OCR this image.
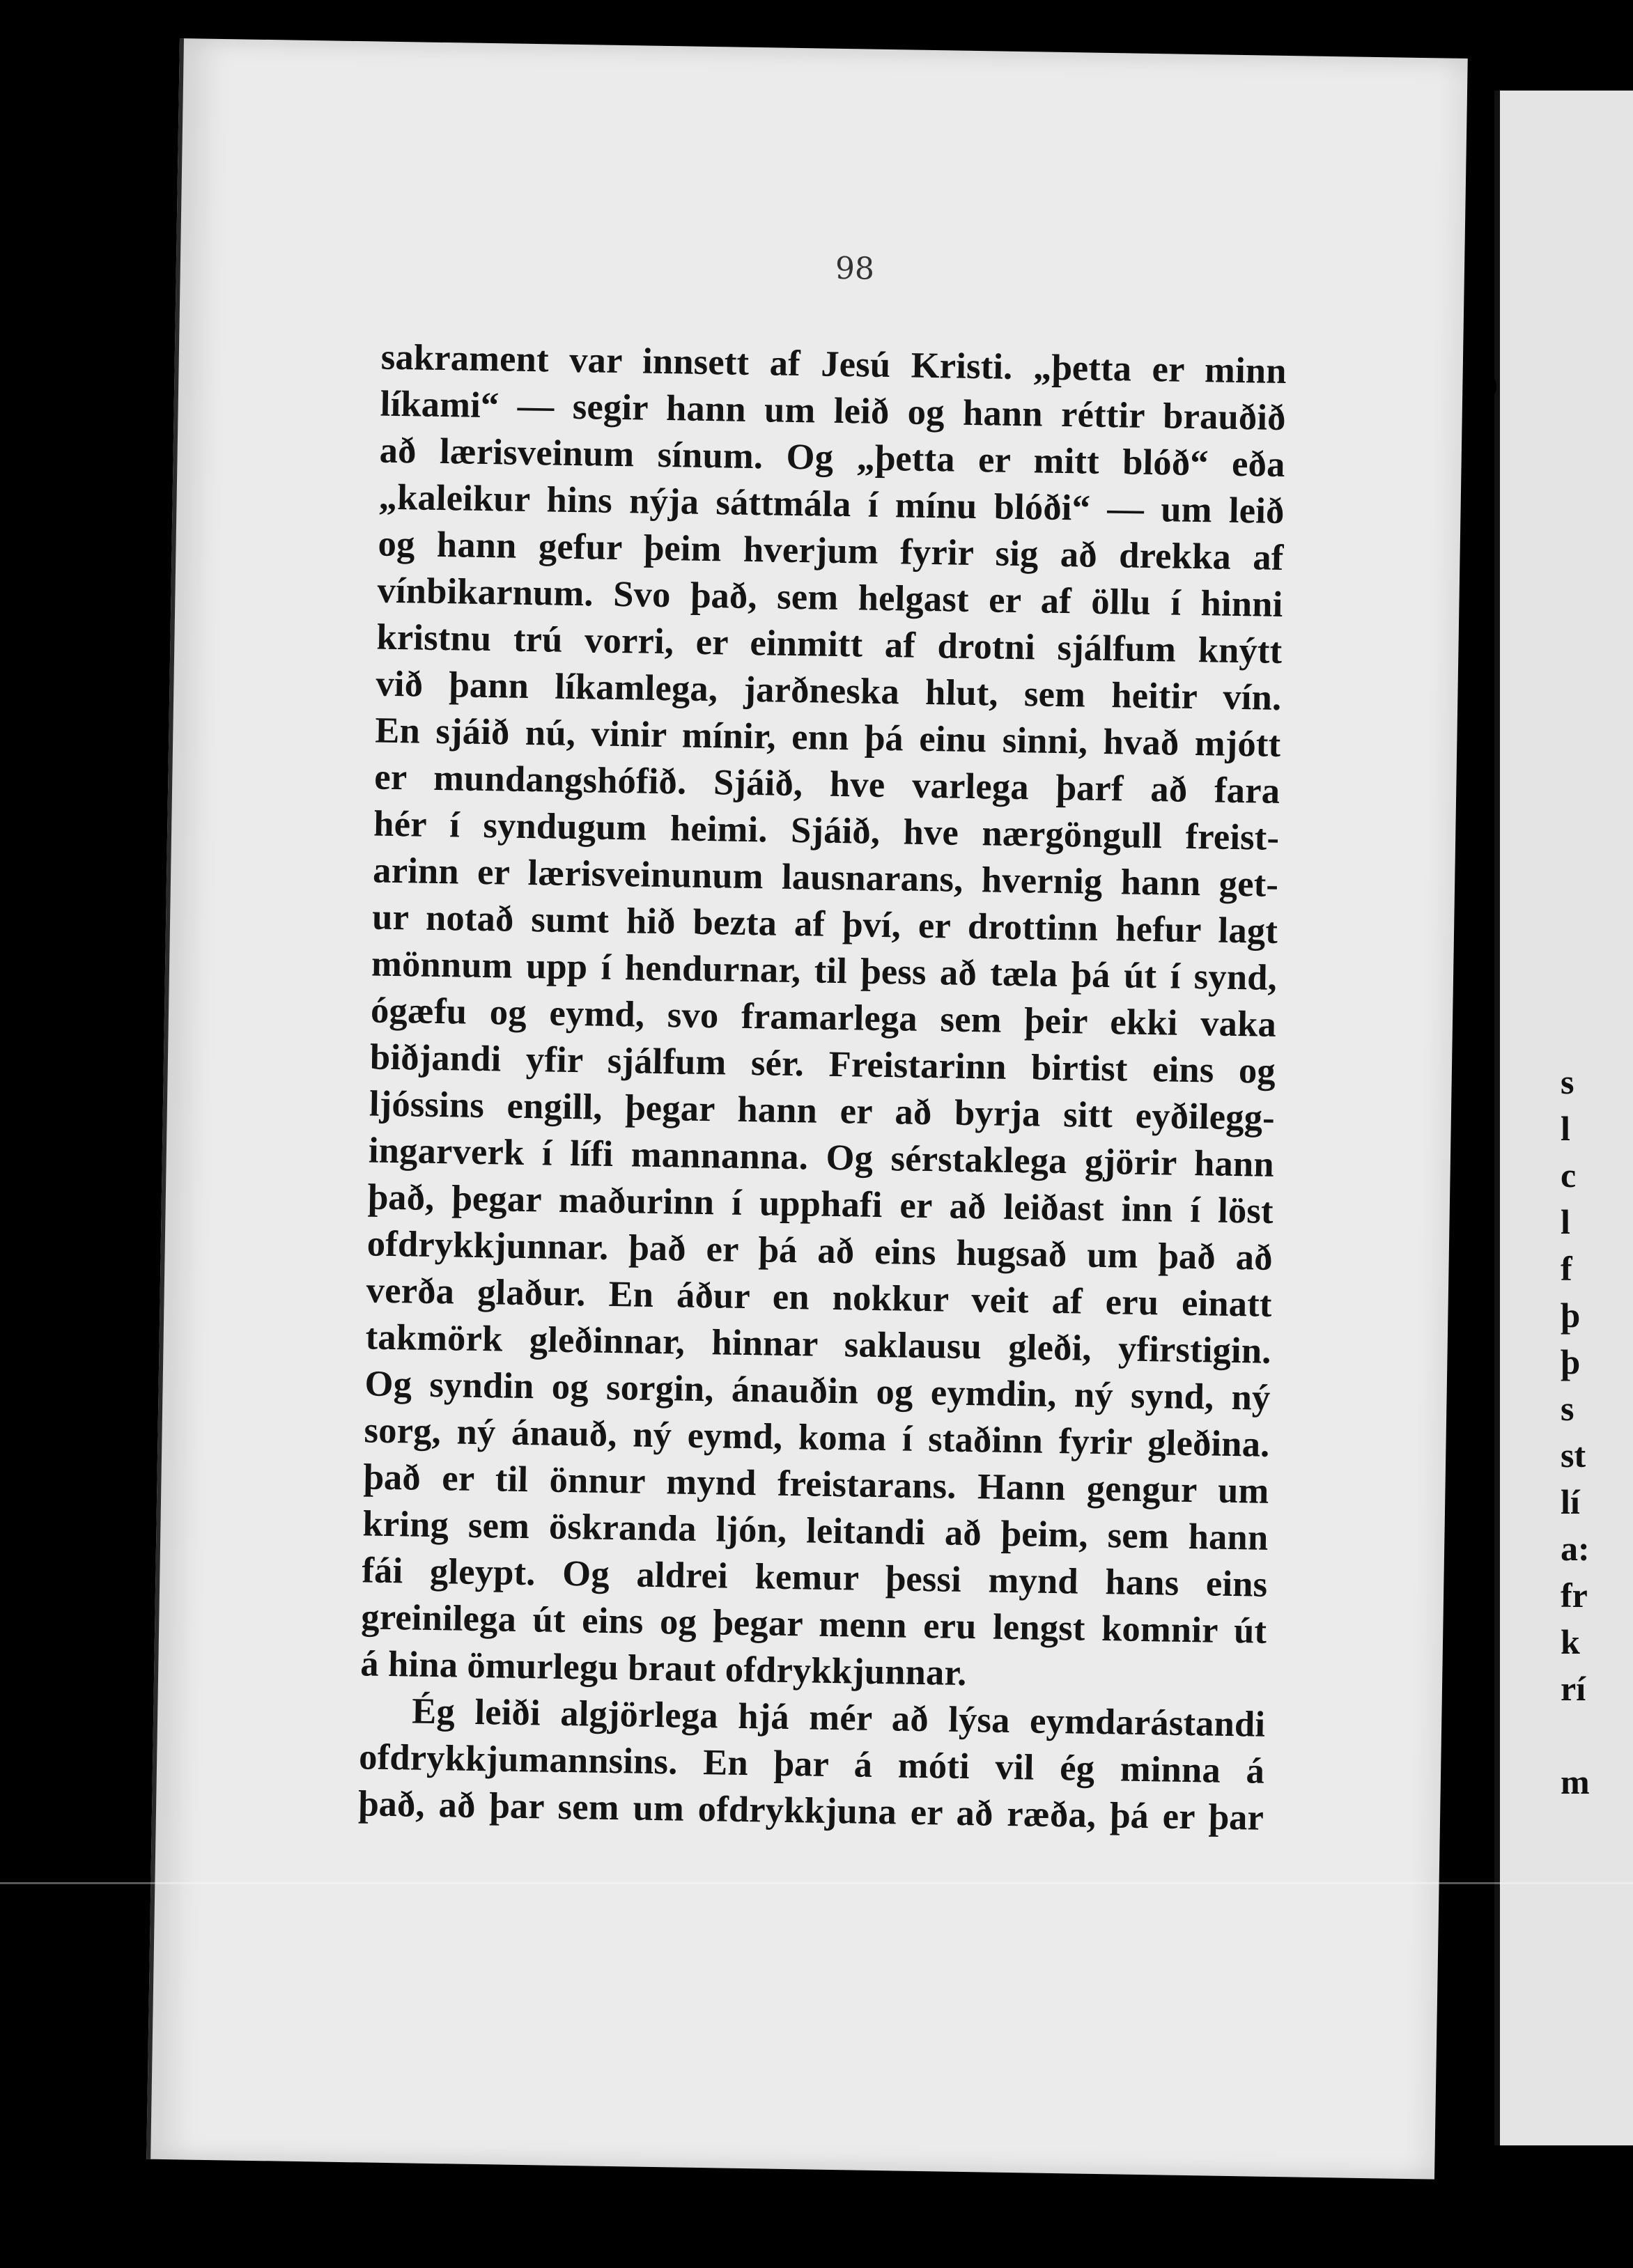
98
sakrament var innsett af Jesú Kristi. „þetta er minn
líkami“ — segir hann um leið og hann réttir brauðið
að lærisveinum sínum. Og „þetta er mitt blóð“ eða
„kaleikur hins nýja sáttmála í mínu blóði“ — um leið
og hann gefur þeim hverjum fyrir sig að drekka af
vínbikarnum. Svo það, sem helgast er af öllu í hinni
kristnu trú vorri, er einmitt af drotni sjálfum knýtt
við þann líkamlega, jarðneska hlut, sem heitir vín.
En sjáið nú, vinir mínir, enn þá einu sinni, hvað mjótt
er mundangshófið. Sjáið, hve varlega þarf að fara
hér í syndugum heimi. Sjáið, hve nærgöngull freist-
arinn er lærisveinunum lausnarans, hvernig hann get-
ur notað sumt hið bezta af því, er drottinn hefur lagt
mönnum upp í hendurnar, til þess að tæla þá út í synd,
ógæfu og eymd, svo framarlega sem þeir ekki vaka
biðjandi yfir sjálfum sér. Freistarinn birtist eins og
ljóssins engill, þegar hann er að byrja sitt eyðilegg-
ingarverk í lífi mannanna. Og sérstaklega gjörir hann
það, þegar maðurinn í upphafi er að leiðast inn í löst
ofdrykkjunnar. það er þá að eins hugsað um það að
verða glaður. En áður en nokkur veit af eru einatt
takmörk gleðinnar, hinnar saklausu gleði, yfirstigin.
Og syndin og sorgin, ánauðin og eymdin, ný synd, ný
sorg, ný ánauð, ný eymd, koma í staðinn fyrir gleðina.
það er til önnur mynd freistarans. Hann gengur um
kring sem öskranda ljón, leitandi að þeim, sem hann
fái gleypt. Og aldrei kemur þessi mynd hans eins
greinilega út eins og þegar menn eru lengst komnir út
á hina ömurlegu braut ofdrykkjunnar.
Ég leiði algjörlega hjá mér að lýsa eymdarástandi
ofdrykkjumannsins. En þar á móti vil ég minna á
það, að þar sem um ofdrykkjuna er að ræða, þá er þar
s
l
c
l
f
þ
þ
s
st
lí
a:
fr
k
rí
m
